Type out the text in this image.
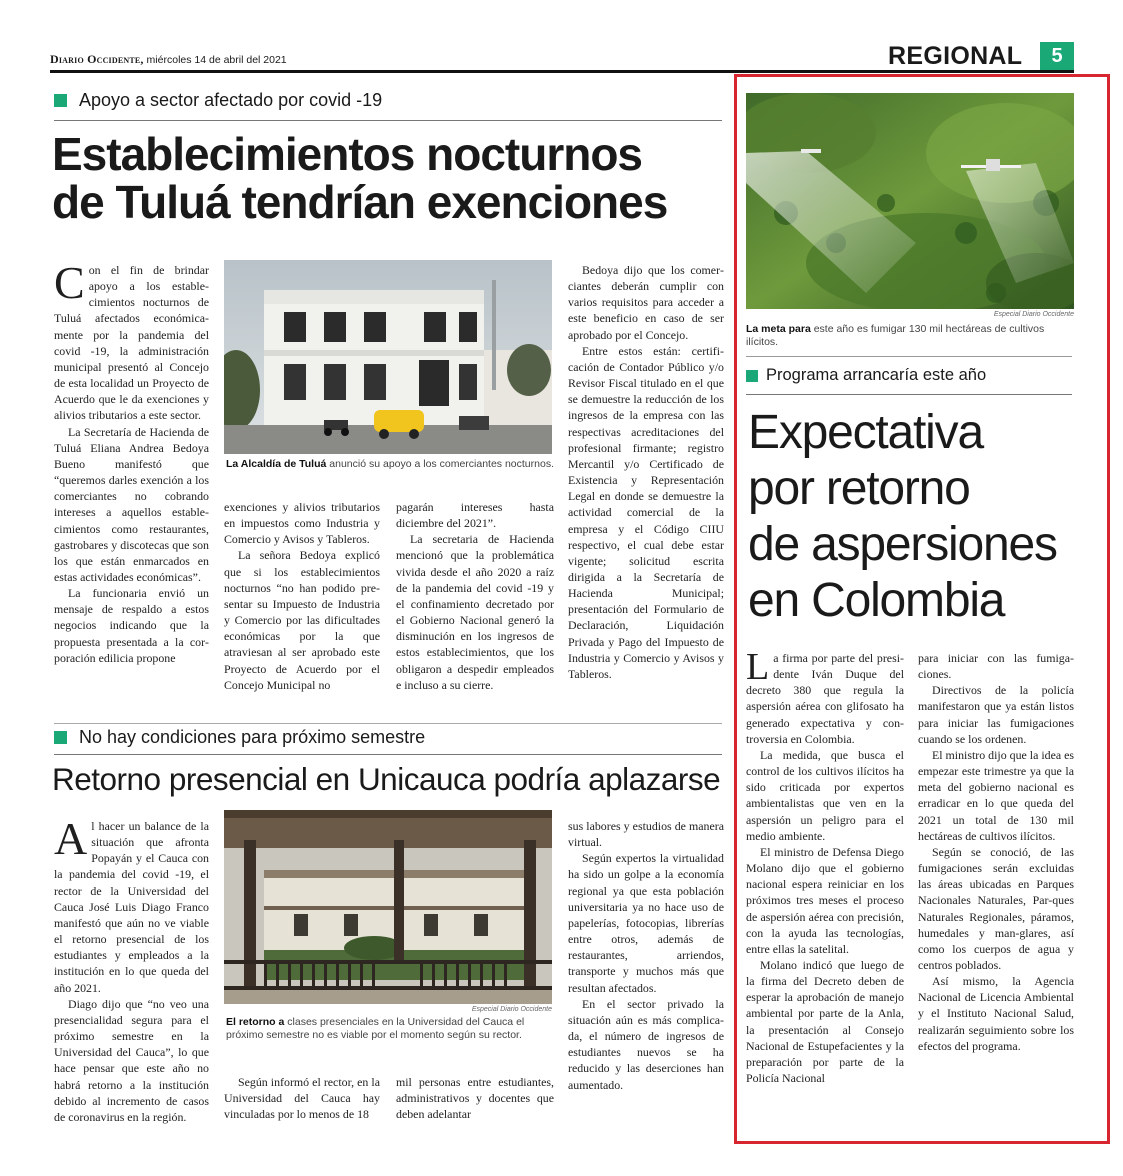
Diario Occidente, miércoles 14 de abril del 2021	REGIONAL	5
Apoyo a sector afectado por covid -19
Establecimientos nocturnos
de Tuluá tendrían exenciones
La Alcaldía de Tuluá anunció su apoyo a los comerciantes nocturnos.

Con el fin de brindar apoyo a los establecimientos nocturnos de Tuluá afectados económicamente por la pandemia del covid -19, la administración municipal presentó al Concejo de esta localidad un Proyecto de Acuerdo que le da exenciones y alivios tributarios a este sector.

La Secretaría de Hacienda de Tuluá Eliana Andrea Bedoya Bueno manifestó que “queremos darles exención a los comerciantes no cobrando intereses a aquellos establecimientos como restaurantes, gastrobares y discotecas que son los que están enmarcados en estas actividades económicas”.

La funcionaria envió un mensaje de respaldo a estos negocios indicando que la propuesta presentada a la corporación edilicia propone

exenciones y alivios tributarios en impuestos como Industria y Comercio y Avisos y Tableros.

La señora Bedoya explicó que si los establecimientos nocturnos “no han podido presentar su Impuesto de Industria y Comercio por las dificultades económicas por la que atraviesan al ser aprobado este Proyecto de Acuerdo por el Concejo Municipal no

pagarán intereses hasta diciembre del 2021”.

La secretaria de Hacienda mencionó que la problemática vivida desde el año 2020 a raíz de la pandemia del covid -19 y el confinamiento decretado por el Gobierno Nacional generó la disminución en los ingresos de estos establecimientos, que los obligaron a despedir empleados e incluso a su cierre.

Bedoya dijo que los comerciantes deberán cumplir con varios requisitos para acceder a este beneficio en caso de ser aprobado por el Concejo.

Entre estos están: certificación de Contador Público y/o Revisor Fiscal titulado en el que se demuestre la reducción de los ingresos de la empresa con las respectivas acreditaciones del profesional firmante; registro Mercantil y/o Certificado de Existencia y Representación Legal en donde se demuestre la actividad comercial de la empresa y el Código CIIU respectivo, el cual debe estar vigente; solicitud escrita dirigida a la Secretaría de Hacienda Municipal; presentación del Formulario de Declaración, Liquidación Privada y Pago del Impuesto de Industria y Comercio y Avisos y Tableros.

No hay condiciones para próximo semestre
Retorno presencial en Unicauca podría aplazarse
Especial Diario Occidente
El retorno a clases presenciales en la Universidad del Cauca el próximo semestre no es viable por el momento según su rector.

Al hacer un balance de la situación que afronta Popayán y el Cauca con la pandemia del covid -19, el rector de la Universidad del Cauca José Luis Diago Franco manifestó que aún no ve viable el retorno presencial de los estudiantes y empleados a la institución en lo que queda del año 2021.

Diago dijo que “no veo una presencialidad segura para el próximo semestre en la Universidad del Cauca”, lo que hace pensar que este año no habrá retorno a la institución debido al incremento de casos de coronavirus en la región.

Según informó el rector, en la Universidad del Cauca hay vinculadas por lo menos de 18

mil personas entre estudiantes, administrativos y docentes que deben adelantar

sus labores y estudios de manera virtual.

Según expertos la virtualidad ha sido un golpe a la economía regional ya que esta población universitaria ya no hace uso de papelerías, fotocopias, librerías entre otros, además de restaurantes, arriendos, transporte y muchos más que resultan afectados.

En el sector privado la situación aún es más complicada, el número de ingresos de estudiantes nuevos se ha reducido y las deserciones han aumentado.

Especial Diario Occidente
La meta para este año es fumigar 130 mil hectáreas de cultivos ilícitos.
Programa arrancaría este año
Expectativa
por retorno
de aspersiones
en Colombia

La firma por parte del presidente Iván Duque del decreto 380 que regula la aspersión aérea con glifosato ha generado expectativa y controversia en Colombia.

La medida, que busca el control de los cultivos ilícitos ha sido criticada por expertos ambientalistas que ven en la aspersión un peligro para el medio ambiente.

El ministro de Defensa Diego Molano dijo que el gobierno nacional espera reiniciar en los próximos tres meses el proceso de aspersión aérea con precisión, con la ayuda las tecnologías, entre ellas la satelital.

Molano indicó que luego de la firma del Decreto deben de esperar la aprobación de manejo ambiental por parte de la Anla, la presentación al Consejo Nacional de Estupefacientes y la preparación por parte de la Policía Nacional

para iniciar con las fumigaciones.

Directivos de la policía manifestaron que ya están listos para iniciar las fumigaciones cuando se los ordenen.

El ministro dijo que la idea es empezar este trimestre ya que la meta del gobierno nacional es erradicar en lo que queda del 2021 un total de 130 mil hectáreas de cultivos ilícitos.

Según se conoció, de las fumigaciones serán excluidas las áreas ubicadas en Parques Nacionales Naturales, Par-ques Naturales Regionales, páramos, humedales y man-glares, así como los cuerpos de agua y centros poblados.

Así mismo, la Agencia Nacional de Licencia Ambiental y el Instituto Nacional Salud, realizarán seguimiento sobre los efectos del programa.
